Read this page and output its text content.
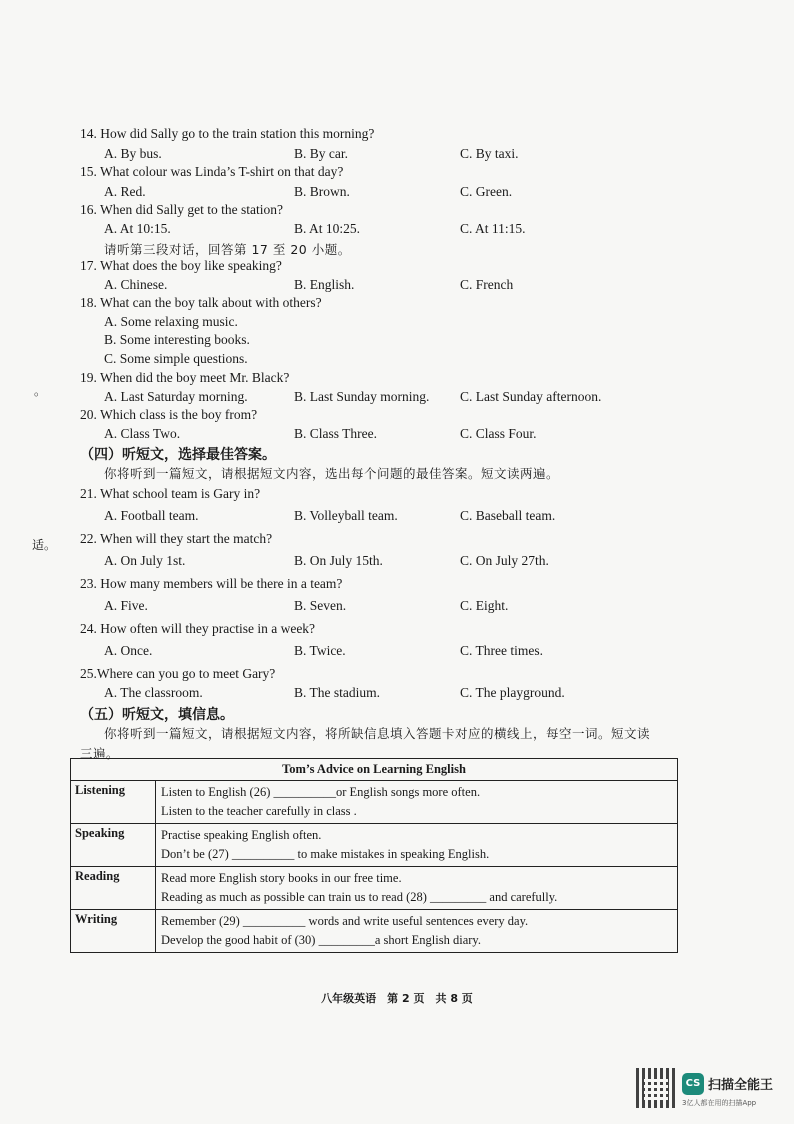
14. How did Sally go to the train station this morning?
A. By bus.	B. By car.	C. By taxi.
15. What colour was Linda’s T-shirt on that day?
A. Red.	B. Brown.	C. Green.
16. When did Sally get to the station?
A. At 10:15.	B. At 10:25.	C. At 11:15.
请听第三段对话，回答第 17 至 20 小题。
17. What does the boy like speaking?
A. Chinese.	B. English.	C. French
18. What can the boy talk about with others?
A. Some relaxing music.
B. Some interesting books.
C. Some simple questions.
。
19. When did the boy meet Mr. Black?
A. Last Saturday morning.	B. Last Sunday morning. C. Last Sunday afternoon.
20. Which class is the boy from?
A. Class Two.	B. Class Three.	C. Class Four.
（四）听短文，选择最佳答案。
你将听到一篇短文，请根据短文内容，选出每个问题的最佳答案。短文读两遍。
21. What school team is Gary in?
A. Football team.	B. Volleyball team.	C. Baseball team.
适。 22. When will they start the match?
A. On July 1st.	B. On July 15th.	C. On July 27th.
23. How many members will be there in a team?
A. Five.	B. Seven.	C. Eight.
24. How often will they practise in a week?
A. Once.	B. Twice.	C. Three times.
25.Where can you go to meet Gary?
A. The classroom.	B. The stadium.	C. The playground.
（五）听短文，填信息。
你将听到一篇短文，请根据短文内容，将所缺信息填入答题卡对应的横线上，每空一词。短文读
三遍。
Tom’s Advice on Learning English	
Listening	Listen to English (26) __________or English songs more often.
Listen to the teacher carefully in class .

Speaking	Practise speaking English often.
Don’t be (27) __________ to make mistakes in speaking English.

Reading	Read more English story books in our free time.
Reading as much as possible can train us to read (28) _________ and carefully.

Writing	Remember (29) __________ words and write useful sentences every day.
Develop the good habit of (30) _________a short English diary.
八年级英语　第 2 页　共 8 页
CS 扫描全能王
3亿人都在用的扫描App
